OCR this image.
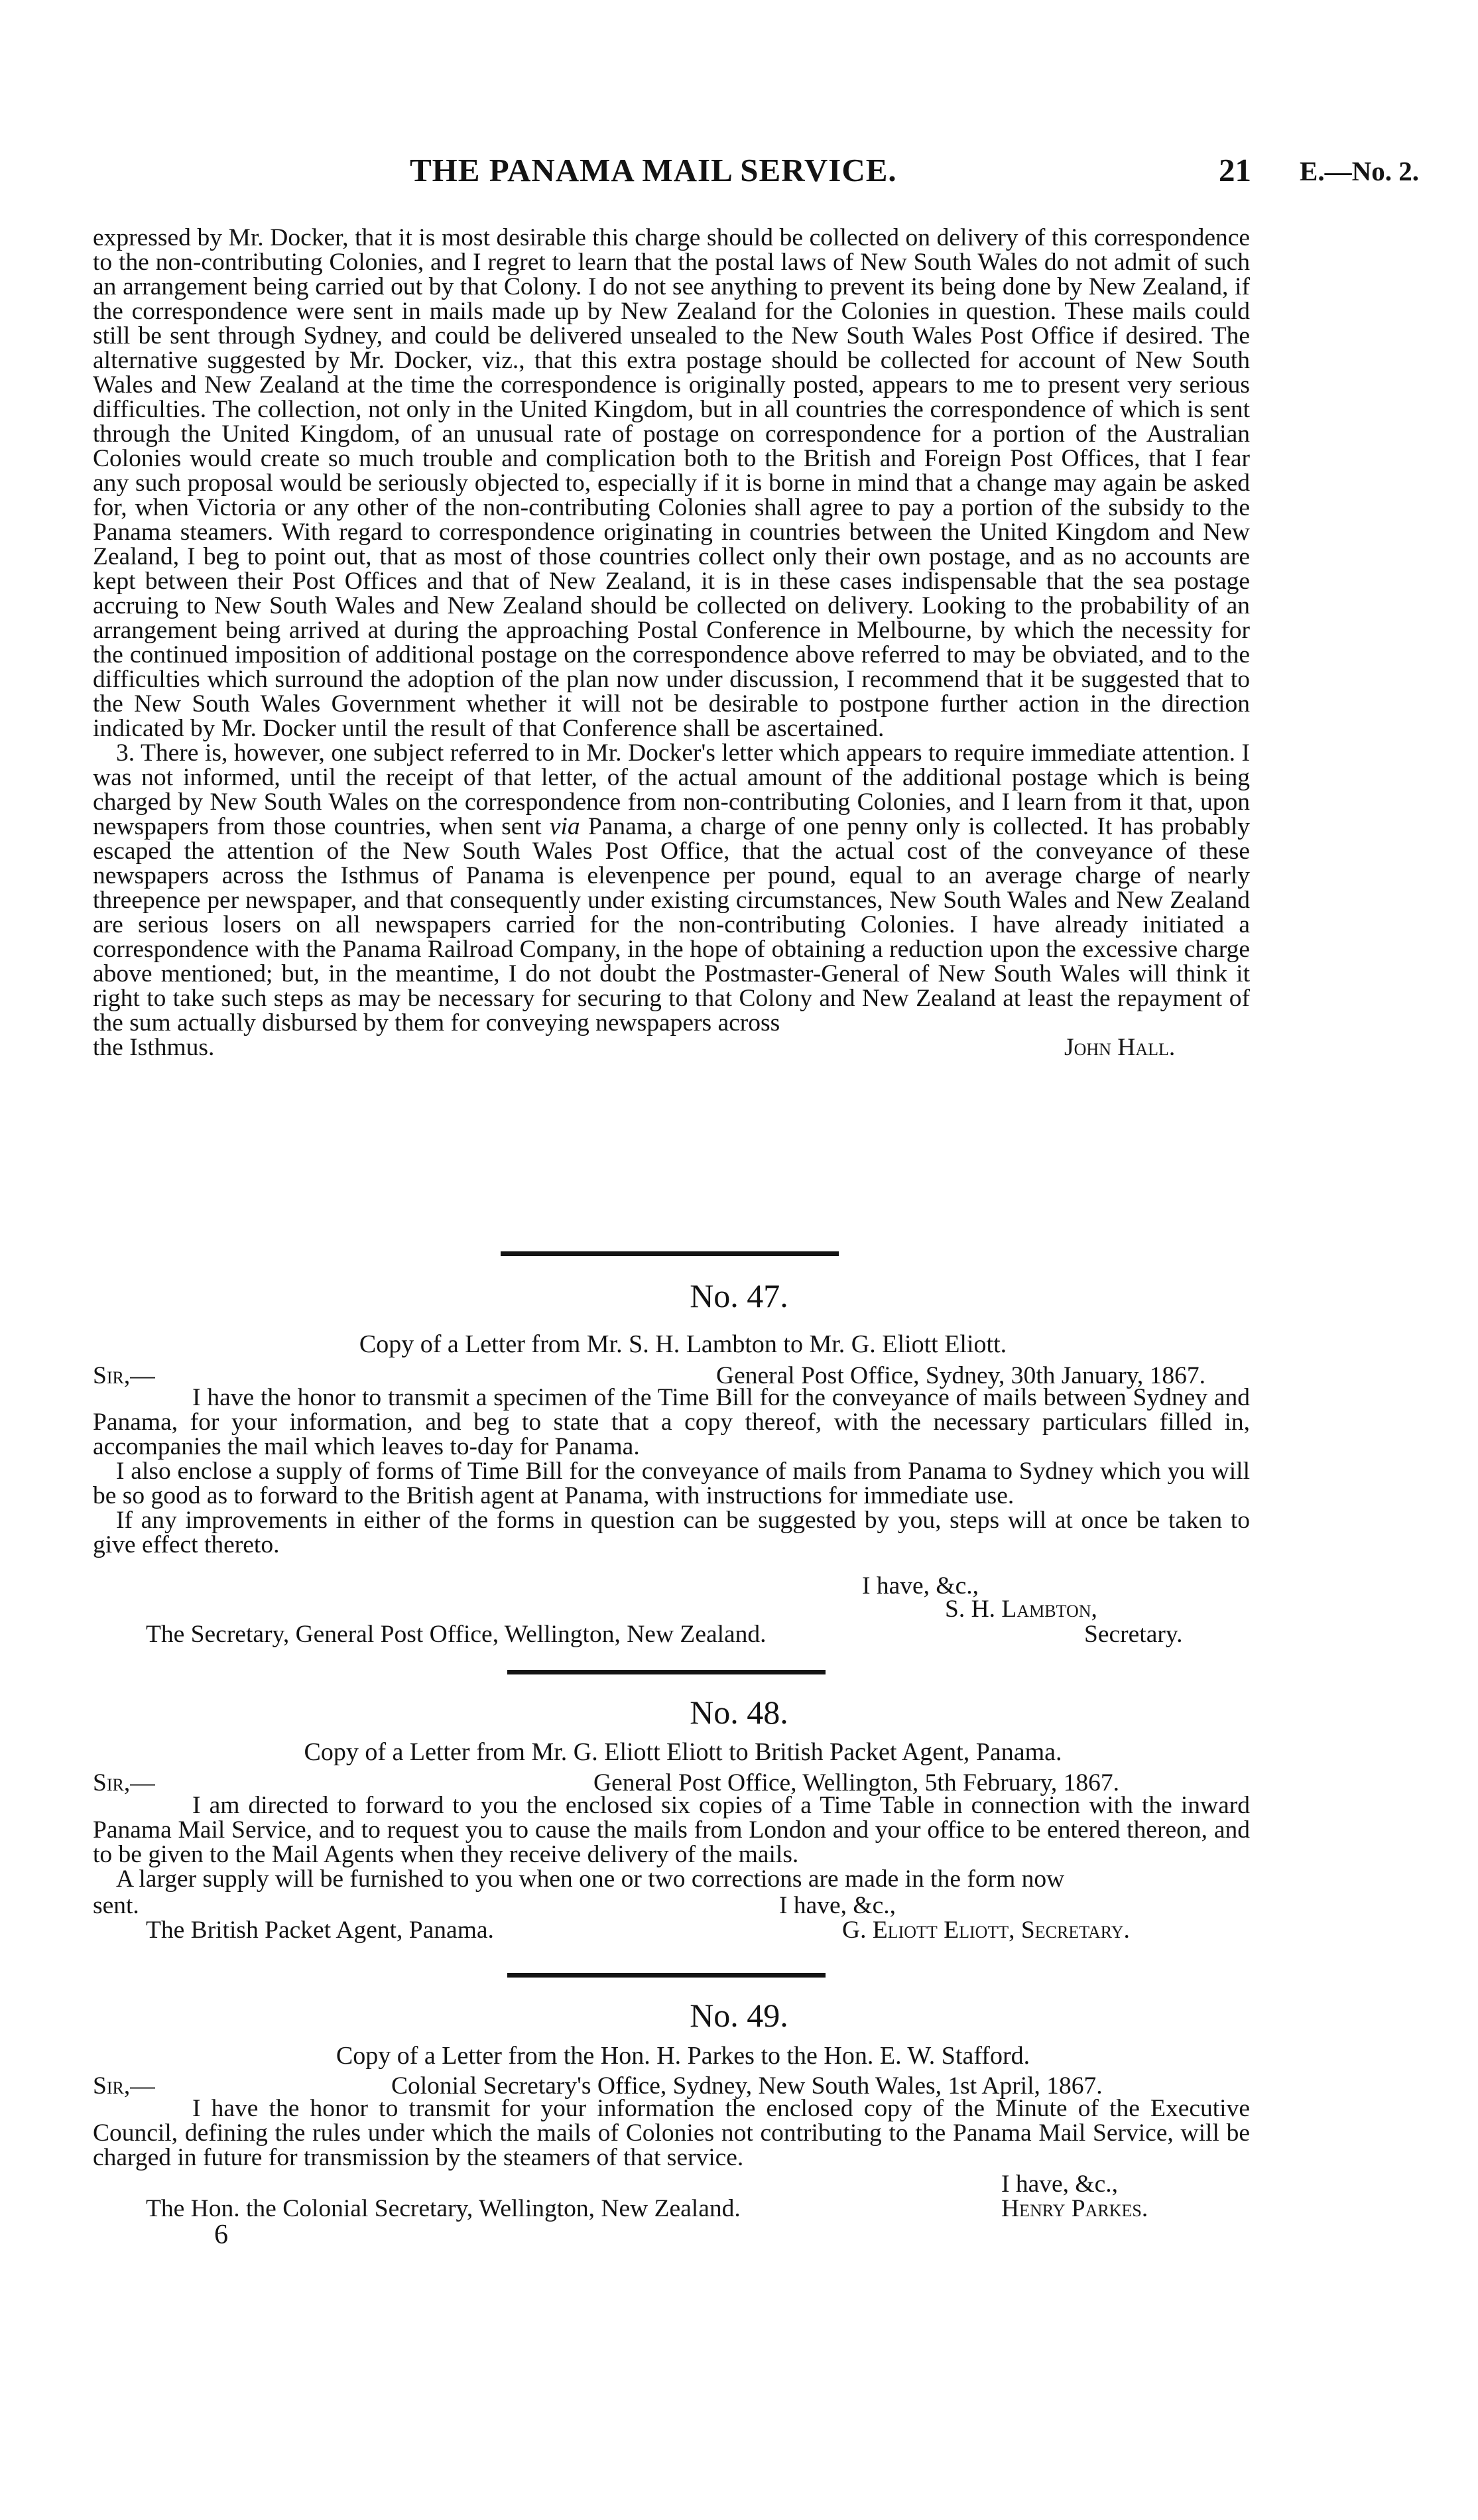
THE PANAMA MAIL SERVICE.	21 E.—No. 2.

expressed by Mr. Docker, that it is most desirable this charge should be collected on delivery of this correspondence to the non-contributing Colonies, and I regret to learn that the postal laws of New South Wales do not admit of such an arrangement being carried out by that Colony. I do not see anything to prevent its being done by New Zealand, if the correspondence were sent in mails made up by New Zealand for the Colonies in question. These mails could still be sent through Sydney, and could be delivered unsealed to the New South Wales Post Office if desired. The alternative suggested by Mr. Docker, viz., that this extra postage should be collected for account of New South Wales and New Zealand at the time the correspondence is originally posted, appears to me to present very serious difficulties. The collection, not only in the United Kingdom, but in all countries the correspondence of which is sent through the United Kingdom, of an unusual rate of postage on correspondence for a portion of the Australian Colonies would create so much trouble and complication both to the British and Foreign Post Offices, that I fear any such proposal would be seriously objected to, especially if it is borne in mind that a change may again be asked for, when Victoria or any other of the non-contributing Colonies shall agree to pay a portion of the subsidy to the Panama steamers. With regard to correspondence originating in countries between the United Kingdom and New Zealand, I beg to point out, that as most of those countries collect only their own postage, and as no accounts are kept between their Post Offices and that of New Zealand, it is in these cases indispensable that the sea postage accruing to New South Wales and New Zealand should be collected on delivery. Looking to the probability of an arrangement being arrived at during the approaching Postal Conference in Melbourne, by which the necessity for the continued imposition of additional postage on the correspondence above referred to may be obviated, and to the difficulties which surround the adoption of the plan now under discussion, I recommend that it be suggested that to the New South Wales Government whether it will not be desirable to postpone further action in the direction indicated by Mr. Docker until the result of that Conference shall be ascertained.

3. There is, however, one subject referred to in Mr. Docker's letter which appears to require immediate attention. I was not informed, until the receipt of that letter, of the actual amount of the additional postage which is being charged by New South Wales on the correspondence from non-contributing Colonies, and I learn from it that, upon newspapers from those countries, when sent via Panama, a charge of one penny only is collected. It has probably escaped the attention of the New South Wales Post Office, that the actual cost of the conveyance of these newspapers across the Isthmus of Panama is elevenpence per pound, equal to an average charge of nearly threepence per newspaper, and that consequently under existing circumstances, New South Wales and New Zealand are serious losers on all newspapers carried for the non-contributing Colonies. I have already initiated a correspondence with the Panama Railroad Company, in the hope of obtaining a reduction upon the excessive charge above mentioned; but, in the meantime, I do not doubt the Postmaster-General of New South Wales will think it right to take such steps as may be necessary for securing to that Colony and New Zealand at least the repayment of the sum actually disbursed by them for conveying newspapers across

the Isthmus.	John Hall.
No. 47.
Copy of a Letter from Mr. S. H. Lambton to Mr. G. Eliott Eliott.
Sir,—	General Post Office, Sydney, 30th January, 1867.

I have the honor to transmit a specimen of the Time Bill for the conveyance of mails between Sydney and Panama, for your information, and beg to state that a copy thereof, with the necessary particulars filled in, accompanies the mail which leaves to-day for Panama.

I also enclose a supply of forms of Time Bill for the conveyance of mails from Panama to Sydney which you will be so good as to forward to the British agent at Panama, with instructions for immediate use.

If any improvements in either of the forms in question can be suggested by you, steps will at once be taken to give effect thereto.

I have, &c.,
S. H. Lambton,
The Secretary, General Post Office, Wellington, New Zealand.	Secretary.
No. 48.
Copy of a Letter from Mr. G. Eliott Eliott to British Packet Agent, Panama.
Sir,—	General Post Office, Wellington, 5th February, 1867.

I am directed to forward to you the enclosed six copies of a Time Table in connection with the inward Panama Mail Service, and to request you to cause the mails from London and your office to be entered thereon, and to be given to the Mail Agents when they receive delivery of the mails.

A larger supply will be furnished to you when one or two corrections are made in the form now

sent.	I have, &c.,
The British Packet Agent, Panama.	G. Eliott Eliott, Secretary.
No. 49.
Copy of a Letter from the Hon. H. Parkes to the Hon. E. W. Stafford.
Sir,—	Colonial Secretary's Office, Sydney, New South Wales, 1st April, 1867.

I have the honor to transmit for your information the enclosed copy of the Minute of the Executive Council, defining the rules under which the mails of Colonies not contributing to the Panama Mail Service, will be charged in future for transmission by the steamers of that service.

I have, &c.,
The Hon. the Colonial Secretary, Wellington, New Zealand.	Henry Parkes.
6
